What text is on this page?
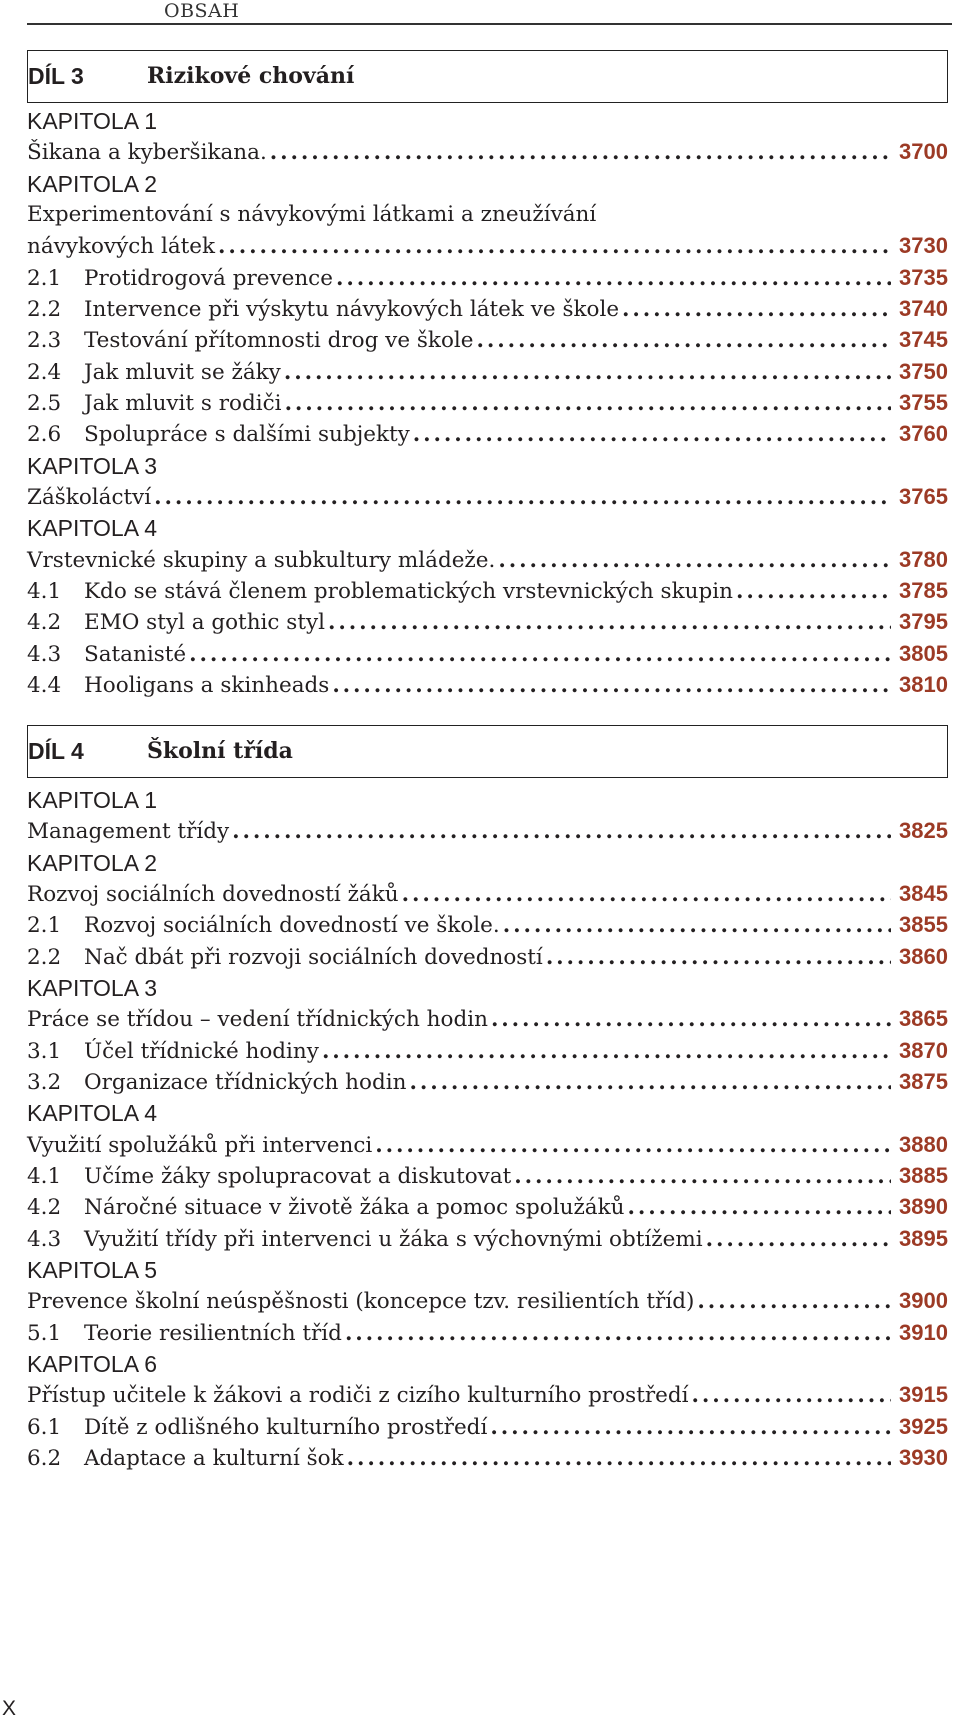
OBSAH
DÍL 3	Rizikové chování
KAPITOLA 1
Šikana a kyberšikana. . . .	3700
KAPITOLA 2
Experimentování s návykovými látkami a zneužívání
návykových látek . . .	3730
2.1	Protidrogová prevence . . .	3735
2.2	Intervence při výskytu návykových látek ve škole . . .	3740
2.3	Testování přítomnosti drog ve škole . . .	3745
2.4	Jak mluvit se žáky . . .	3750
2.5	Jak mluvit s rodiči . . .	3755
2.6	Spolupráce s dalšími subjekty . . .	3760
KAPITOLA 3
Záškoláctví . . .	3765
KAPITOLA 4
Vrstevnické skupiny a subkultury mládeže. . . .	3780
4.1	Kdo se stává členem problematických vrstevnických skupin . . .	3785
4.2	EMO styl a gothic styl . . .	3795
4.3	Satanisté . . .	3805
4.4	Hooligans a skinheads . . .	3810
DÍL 4	Školní třída
KAPITOLA 1
Management třídy . . .	3825
KAPITOLA 2
Rozvoj sociálních dovedností žáků . . .	3845
2.1	Rozvoj sociálních dovedností ve škole. . . .	3855
2.2	Nač dbát při rozvoji sociálních dovedností . . .	3860
KAPITOLA 3
Práce se třídou – vedení třídnických hodin . . .	3865
3.1	Účel třídnické hodiny . . .	3870
3.2	Organizace třídnických hodin . . .	3875
KAPITOLA 4
Využití spolužáků při intervenci . . .	3880
4.1	Učíme žáky spolupracovat a diskutovat . . .	3885
4.2	Náročné situace v životě žáka a pomoc spolužáků . . .	3890
4.3	Využití třídy při intervenci u žáka s výchovnými obtížemi . . .	3895
KAPITOLA 5
Prevence školní neúspěšnosti (koncepce tzv. resilientích tříd) . . .	3900
5.1	Teorie resilientních tříd . . .	3910
KAPITOLA 6
Přístup učitele k žákovi a rodiči z cizího kulturního prostředí . . .	3915
6.1	Dítě z odlišného kulturního prostředí . . .	3925
6.2	Adaptace a kulturní šok . . .	3930
X
